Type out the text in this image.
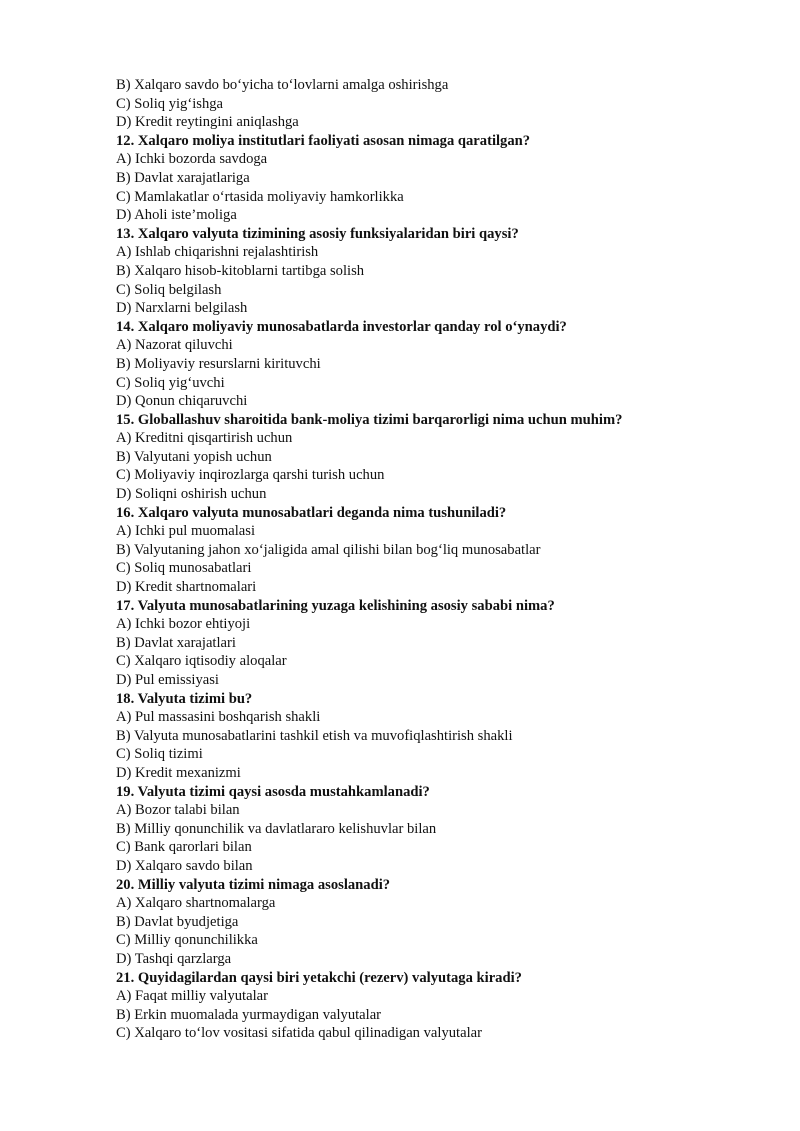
B) Xalqaro savdo bo‘yicha to‘lovlarni amalga oshirishga
C) Soliq yig‘ishga
D) Kredit reytingini aniqlashga
12. Xalqaro moliya institutlari faoliyati asosan nimaga qaratilgan?
A) Ichki bozorda savdoga
B) Davlat xarajatlariga
C) Mamlakatlar o‘rtasida moliyaviy hamkorlikka
D) Aholi iste’moliga
13. Xalqaro valyuta tizimining asosiy funksiyalaridan biri qaysi?
A) Ishlab chiqarishni rejalashtirish
B) Xalqaro hisob-kitoblarni tartibga solish
C) Soliq belgilash
D) Narxlarni belgilash
14. Xalqaro moliyaviy munosabatlarda investorlar qanday rol o‘ynaydi?
A) Nazorat qiluvchi
B) Moliyaviy resurslarni kirituvchi
C) Soliq yig‘uvchi
D) Qonun chiqaruvchi
15. Globallashuv sharoitida bank-moliya tizimi barqarorligi nima uchun muhim?
A) Kreditni qisqartirish uchun
B) Valyutani yopish uchun
C) Moliyaviy inqirozlarga qarshi turish uchun
D) Soliqni oshirish uchun
16. Xalqaro valyuta munosabatlari deganda nima tushuniladi?
A) Ichki pul muomalasi
B) Valyutaning jahon xo‘jaligida amal qilishi bilan bog‘liq munosabatlar
C) Soliq munosabatlari
D) Kredit shartnomalari
17. Valyuta munosabatlarining yuzaga kelishining asosiy sababi nima?
A) Ichki bozor ehtiyoji
B) Davlat xarajatlari
C) Xalqaro iqtisodiy aloqalar
D) Pul emissiyasi
18. Valyuta tizimi bu?
A) Pul massasini boshqarish shakli
B) Valyuta munosabatlarini tashkil etish va muvofiqlashtirish shakli
C) Soliq tizimi
D) Kredit mexanizmi
19. Valyuta tizimi qaysi asosda mustahkamlanadi?
A) Bozor talabi bilan
B) Milliy qonunchilik va davlatlararo kelishuvlar bilan
C) Bank qarorlari bilan
D) Xalqaro savdo bilan
20. Milliy valyuta tizimi nimaga asoslanadi?
A) Xalqaro shartnomalarga
B) Davlat byudjetiga
C) Milliy qonunchilikka
D) Tashqi qarzlarga
21. Quyidagilardan qaysi biri yetakchi (rezerv) valyutaga kiradi?
A) Faqat milliy valyutalar
B) Erkin muomalada yurmaydigan valyutalar
C) Xalqaro to‘lov vositasi sifatida qabul qilinadigan valyutalar
